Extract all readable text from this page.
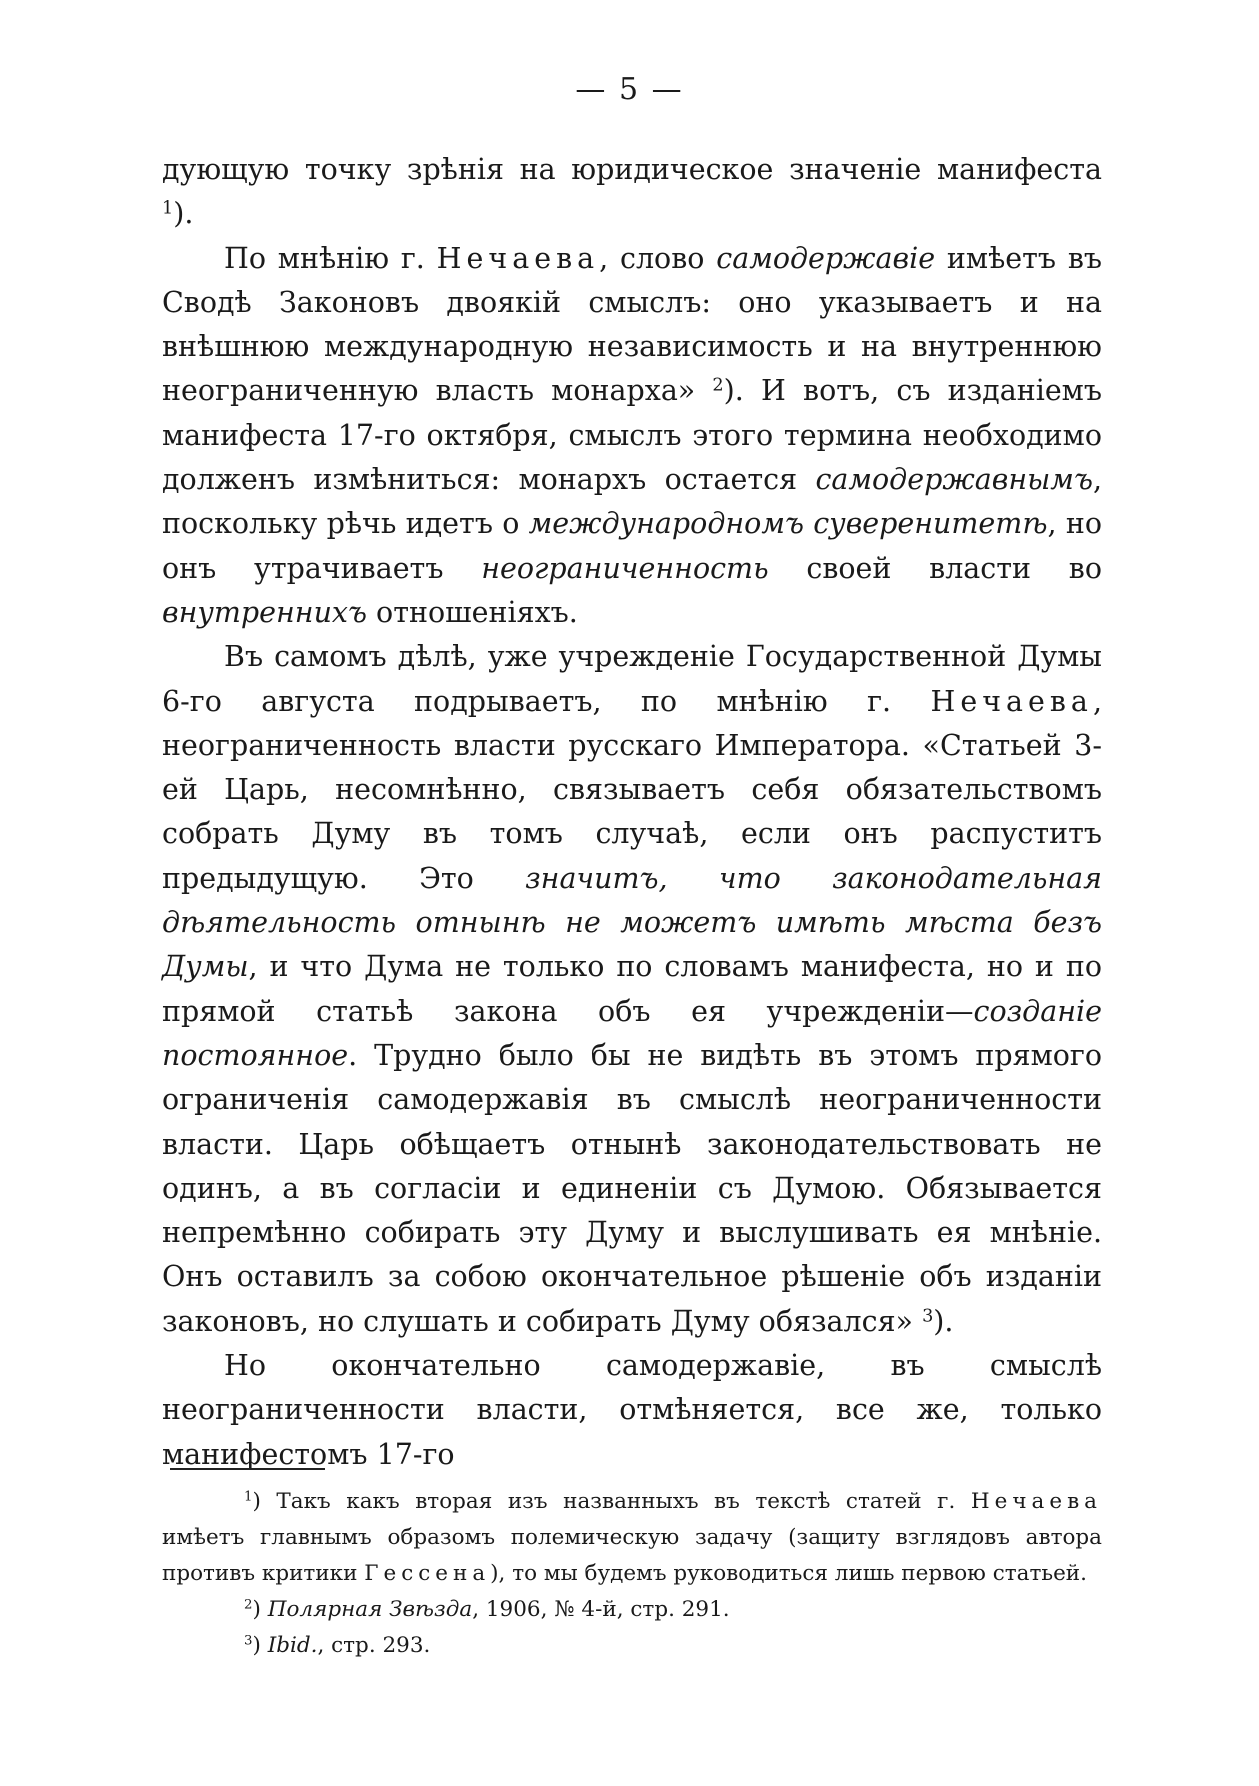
— 5 —

дующую точку зрѣнія на юридическое значеніе манифеста $^1$).

По мнѣнію г. Нечаева, слово самодержавіе имѣетъ въ Сводѣ Законовъ двоякій смыслъ: оно указываетъ и на внѣшнюю международную независимость и на внутреннюю неограниченную власть монарха» $^2$). И вотъ, съ изданіемъ манифеста 17-го октября, смыслъ этого термина необходимо долженъ измѣниться: монархъ остается самодержавнымъ, поскольку рѣчь идетъ о международномъ суверенитетѣ, но онъ утрачиваетъ неограниченность своей власти во внутреннихъ отношеніяхъ.

Въ самомъ дѣлѣ, уже учрежденіе Государственной Думы 6-го августа подрываетъ, по мнѣнію г. Нечаева, неограниченность власти русскаго Императора. «Статьей 3-ей Царь, несомнѣнно, связываетъ себя обязательствомъ собрать Думу въ томъ случаѣ, если онъ распуститъ предыдущую. Это значитъ, что законодательная дѣятельность отнынѣ не можетъ имѣть мѣста безъ Думы, и что Дума не только по словамъ манифеста, но и по прямой статьѣ закона объ ея учрежденіи—созданіе постоянное. Трудно было бы не видѣть въ этомъ прямого ограниченія самодержавія въ смыслѣ неограниченности власти. Царь обѣщаетъ отнынѣ законодательствовать не одинъ, а въ согласіи и единеніи съ Думою. Обязывается непремѣнно собирать эту Думу и выслушивать ея мнѣніе. Онъ оставилъ за собою окончательное рѣшеніе объ изданіи законовъ, но слушать и собирать Думу обязался» $^3$).

Но окончательно самодержавіе, въ смыслѣ неограниченности власти, отмѣняется, все же, только манифестомъ 17-го

$^1$) Такъ какъ вторая изъ названныхъ въ текстѣ статей г. Нечаева имѣетъ главнымъ образомъ полемическую задачу (защиту взглядовъ автора противъ критики Гессена), то мы будемъ руководиться лишь первою статьей.

$^2$) Полярная Звѣзда, 1906, № 4-й, стр. 291.

$^3$) Ibid., стр. 293.
